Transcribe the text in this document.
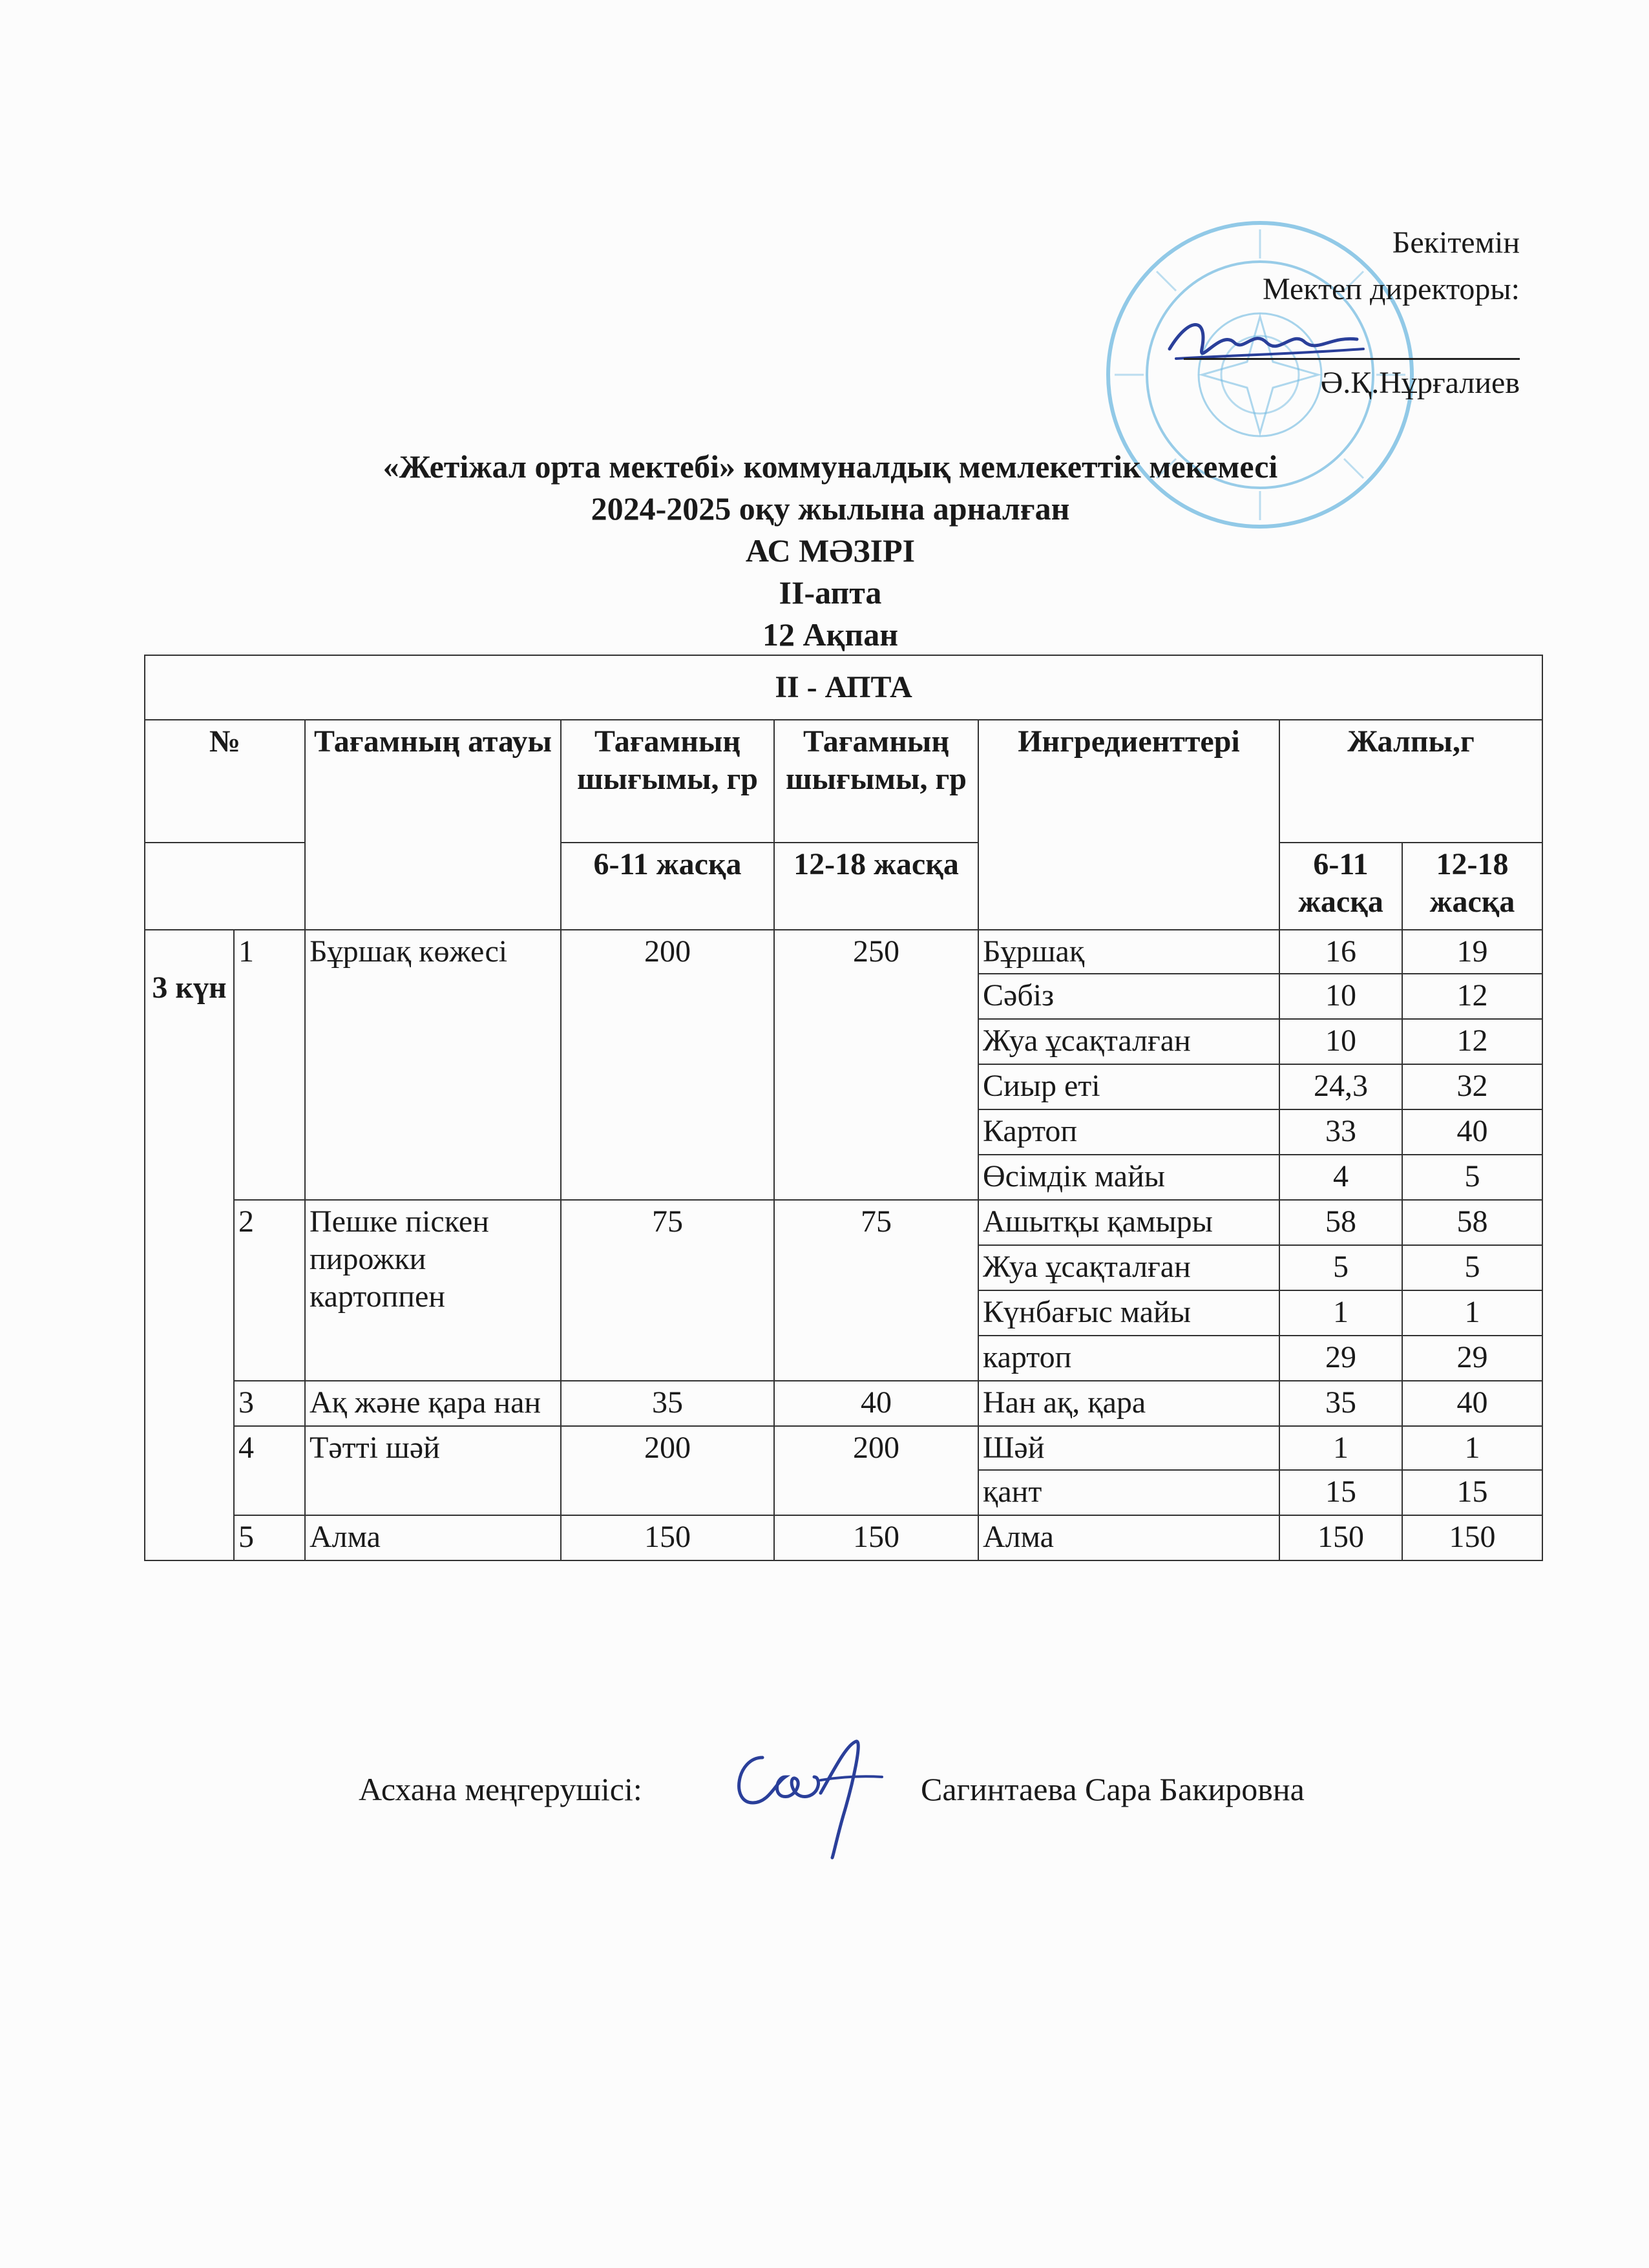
Бекітемін
Мектеп директоры:
Ә.Қ.Нұрғалиев
«Жетіжал орта мектебі» коммуналдық мемлекеттік мекемесі
2024-2025 оқу жылына арналған
АС МӘЗІРІ
ІІ-апта
12 Ақпан
ІІ - АПТА							
№		Тағамның атауы	Тағамның шығымы, гр	Тағамның шығымы, гр	Ингредиенттері	Жалпы,г	
			6-11 жасқа	12-18 жасқа		6-11 жасқа	12-18 жасқа
3 күн	1	Бұршақ көжесі	200	250	Бұршақ	16	19
					Сәбіз	10	12
					Жуа ұсақталған	10	12
					Сиыр еті	24,3	32
					Картоп	33	40
					Өсімдік майы	4	5
	2	Пешке піскен пирожки картоппен	75	75	Ашытқы қамыры	58	58
					Жуа ұсақталған	5	5
					Күнбағыс майы	1	1
					картоп	29	29
	3	Ақ және қара нан	35	40	Нан ақ, қара	35	40
	4	Тәтті шәй	200	200	Шәй	1	1
					қант	15	15
	5	Алма	150	150	Алма	150	150
Асхана меңгерушісі:	Сагинтаева Сара Бакировна
